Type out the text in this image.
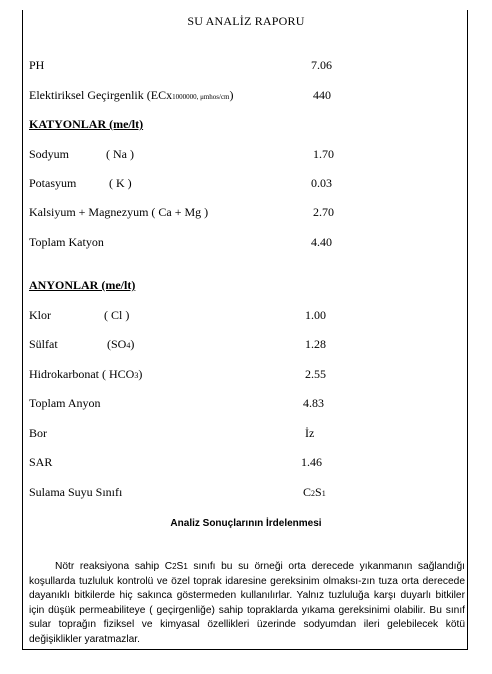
SU ANALİZ RAPORU
PH	7.06
Elektiriksel Geçirgenlik (ECx1000000, μmhos/cm)	440
KATYONLAR (me/lt)
Sodyum	( Na )	1.70
Potasyum	( K )	0.03
Kalsiyum + Magnezyum ( Ca + Mg )	2.70
Toplam Katyon	4.40
ANYONLAR (me/lt)
Klor	( Cl )	1.00
Sülfat	(SO4)	1.28
Hidrokarbonat ( HCO3)	2.55
Toplam Anyon	4.83
Bor	İz
SAR	1.46
Sulama Suyu Sınıfı	C2S1
Analiz Sonuçlarının İrdelenmesi
Nötr reaksiyona sahip C2S1 sınıfı bu su örneği orta derecede yıkanmanın sağlandığı koşullarda tuzluluk kontrolü ve özel toprak idaresine gereksinim olmaksı-zın tuza orta derecede dayanıklı bitkilerde hiç sakınca göstermeden kullanılırlar. Yalnız tuzluluğa karşı duyarlı bitkiler için düşük permeabiliteye ( geçirgenliğe) sahip topraklarda yıkama gereksinimi olabilir. Bu sınıf sular toprağın fiziksel ve kimyasal özellikleri üzerinde sodyumdan ileri gelebilecek kötü değişiklikler yaratmazlar.
